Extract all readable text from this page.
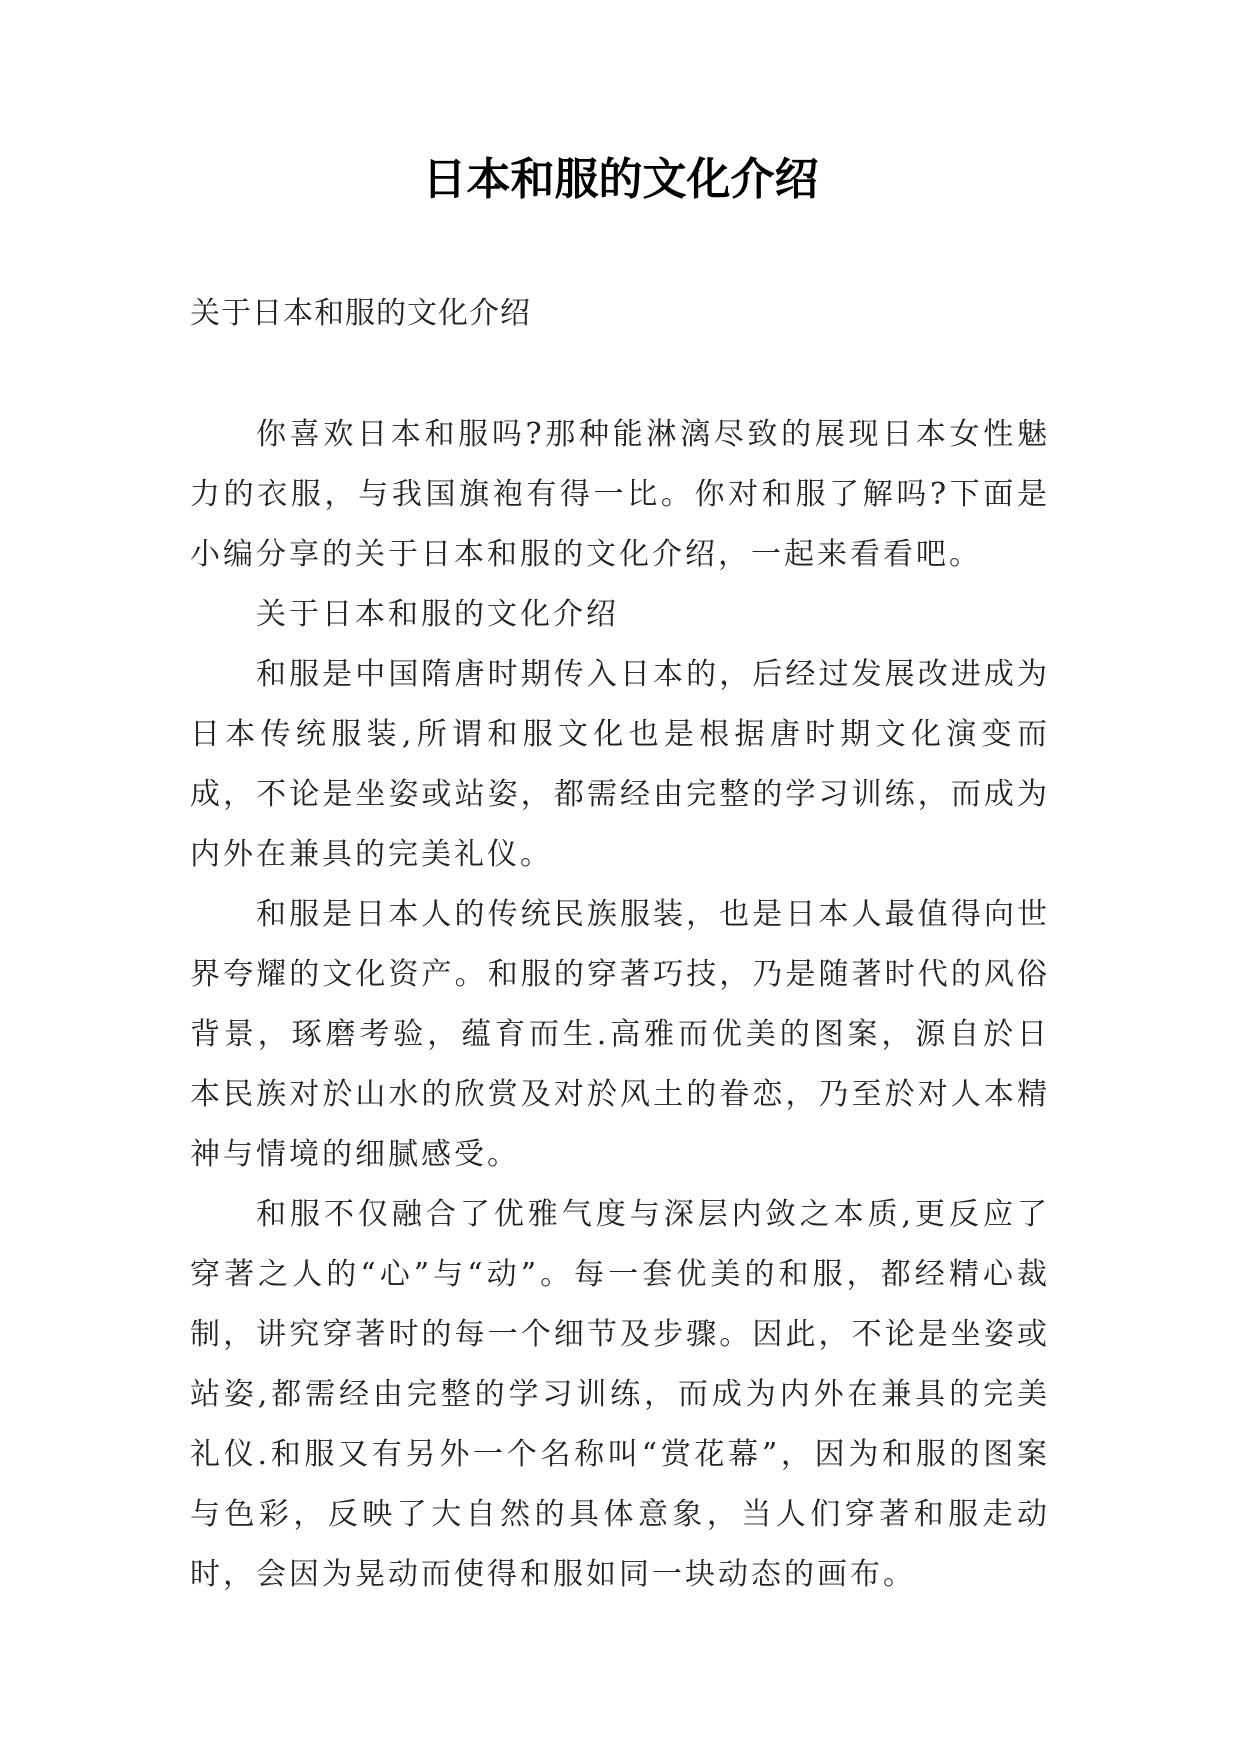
日本和服的文化介绍

关于日本和服的文化介绍

你喜欢日本和服吗?那种能淋漓尽致的展现日本女性魅力的衣服，与我国旗袍有得一比。你对和服了解吗?下面是小编分享的关于日本和服的文化介绍，一起来看看吧。

关于日本和服的文化介绍

和服是中国隋唐时期传入日本的，后经过发展改进成为日本传统服装,所谓和服文化也是根据唐时期文化演变而成，不论是坐姿或站姿，都需经由完整的学习训练，而成为内外在兼具的完美礼仪。

和服是日本人的传统民族服装，也是日本人最值得向世界夸耀的文化资产。和服的穿著巧技，乃是随著时代的风俗背景，琢磨考验，蕴育而生.高雅而优美的图案，源自於日本民族对於山水的欣赏及对於风土的眷恋，乃至於对人本精神与情境的细腻感受。

和服不仅融合了优雅气度与深层内敛之本质,更反应了穿著之人的“心”与“动”。每一套优美的和服，都经精心裁制，讲究穿著时的每一个细节及步骤。因此，不论是坐姿或站姿,都需经由完整的学习训练，而成为内外在兼具的完美礼仪.和服又有另外一个名称叫“赏花幕”，因为和服的图案与色彩，反映了大自然的具体意象，当人们穿著和服走动时，会因为晃动而使得和服如同一块动态的画布。
